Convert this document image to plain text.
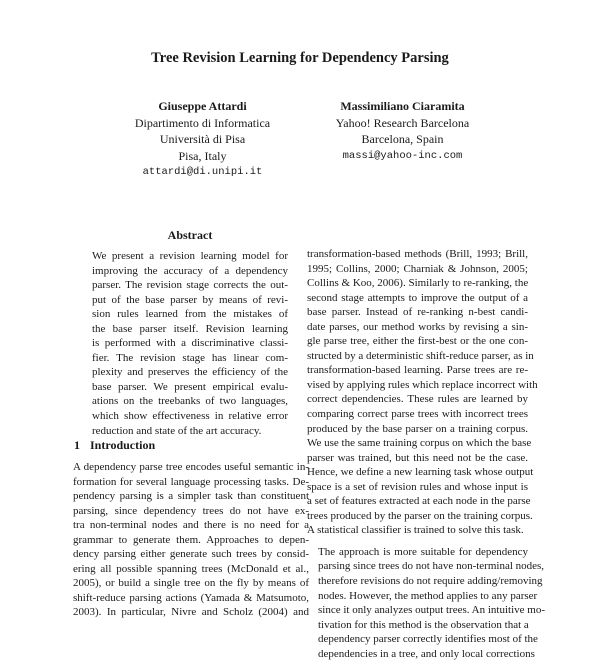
Tree Revision Learning for Dependency Parsing
Giuseppe Attardi
Dipartimento di Informatica
Università di Pisa
Pisa, Italy
attardi@di.unipi.it
Massimiliano Ciaramita
Yahoo! Research Barcelona
Barcelona, Spain
massi@yahoo-inc.com
Abstract
We present a revision learning model for
improving the accuracy of a dependency
parser. The revision stage corrects the out-
put of the base parser by means of revi-
sion rules learned from the mistakes of
the base parser itself. Revision learning
is performed with a discriminative classi-
fier. The revision stage has linear com-
plexity and preserves the efficiency of the
base parser. We present empirical evalu-
ations on the treebanks of two languages,
which show effectiveness in relative error
reduction and state of the art accuracy.
1 Introduction
A dependency parse tree encodes useful semantic in-
formation for several language processing tasks. De-
pendency parsing is a simpler task than constituent
parsing, since dependency trees do not have ex-
tra non-terminal nodes and there is no need for a
grammar to generate them. Approaches to depen-
dency parsing either generate such trees by consid-
ering all possible spanning trees (McDonald et al.,
2005), or build a single tree on the fly by means of
shift-reduce parsing actions (Yamada & Matsumoto,
2003). In particular, Nivre and Scholz (2004) and

transformation-based methods (Brill, 1993; Brill,
1995; Collins, 2000; Charniak & Johnson, 2005;
Collins & Koo, 2006). Similarly to re-ranking, the
second stage attempts to improve the output of a
base parser. Instead of re-ranking n-best candi-
date parses, our method works by revising a sin-
gle parse tree, either the first-best or the one con-
structed by a deterministic shift-reduce parser, as in
transformation-based learning. Parse trees are re-
vised by applying rules which replace incorrect with
correct dependencies. These rules are learned by
comparing correct parse trees with incorrect trees
produced by the base parser on a training corpus.
We use the same training corpus on which the base
parser was trained, but this need not be the case.
Hence, we define a new learning task whose output
space is a set of revision rules and whose input is
a set of features extracted at each node in the parse
trees produced by the parser on the training corpus.
A statistical classifier is trained to solve this task.

The approach is more suitable for dependency
parsing since trees do not have non-terminal nodes,
therefore revisions do not require adding/removing
nodes. However, the method applies to any parser
since it only analyzes output trees. An intuitive mo-
tivation for this method is the observation that a
dependency parser correctly identifies most of the
dependencies in a tree, and only local corrections
